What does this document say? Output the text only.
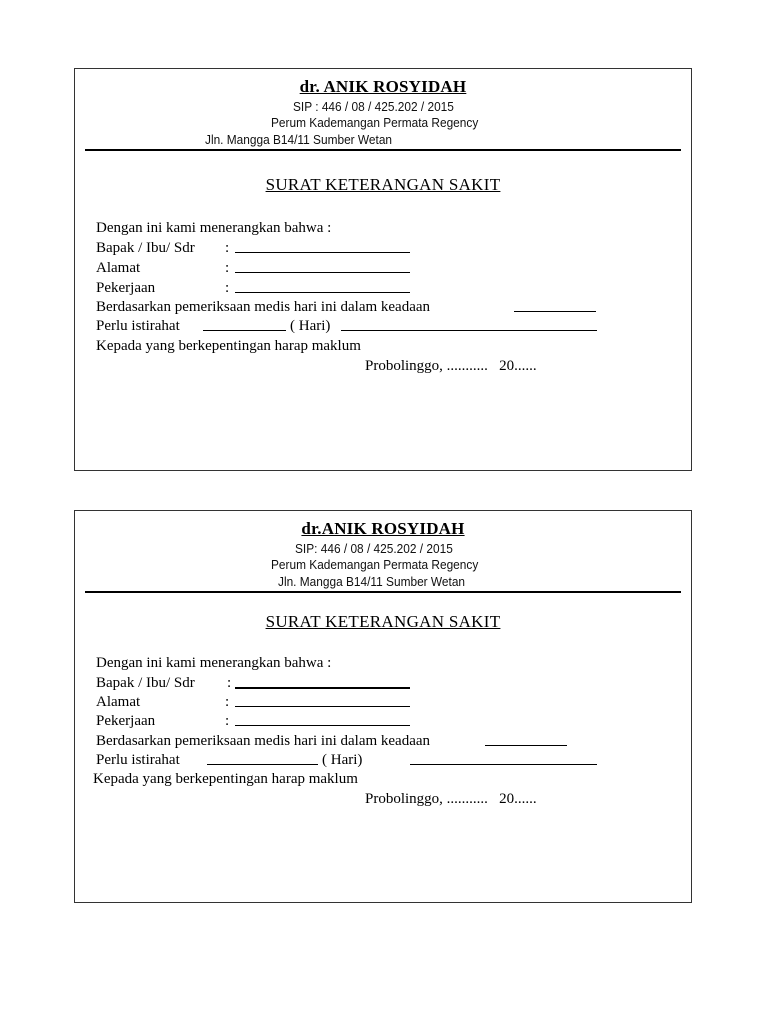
dr. ANIK ROSYIDAH
SIP : 446 / 08 / 425.202 / 2015
Perum Kademangan Permata Regency
Jln. Mangga B14/11 Sumber Wetan
SURAT KETERANGAN SAKIT
Dengan ini kami menerangkan bahwa :
Bapak / Ibu/ Sdr :
Alamat	:
Pekerjaan	:
Berdasarkan pemeriksaan medis hari ini dalam keadaan
Perlu istirahat	( Hari)
Kepada yang berkepentingan harap maklum
Probolinggo, ...........   20......
dr.ANIK ROSYIDAH
SIP: 446 / 08 / 425.202 / 2015
Perum Kademangan Permata Regency
Jln. Mangga B14/11 Sumber Wetan
SURAT KETERANGAN SAKIT
Dengan ini kami menerangkan bahwa :
Bapak / Ibu/ Sdr :
Alamat	:
Pekerjaan	:
Berdasarkan pemeriksaan medis hari ini dalam keadaan
Perlu istirahat	( Hari)
Kepada yang berkepentingan harap maklum
Probolinggo, ...........   20......
